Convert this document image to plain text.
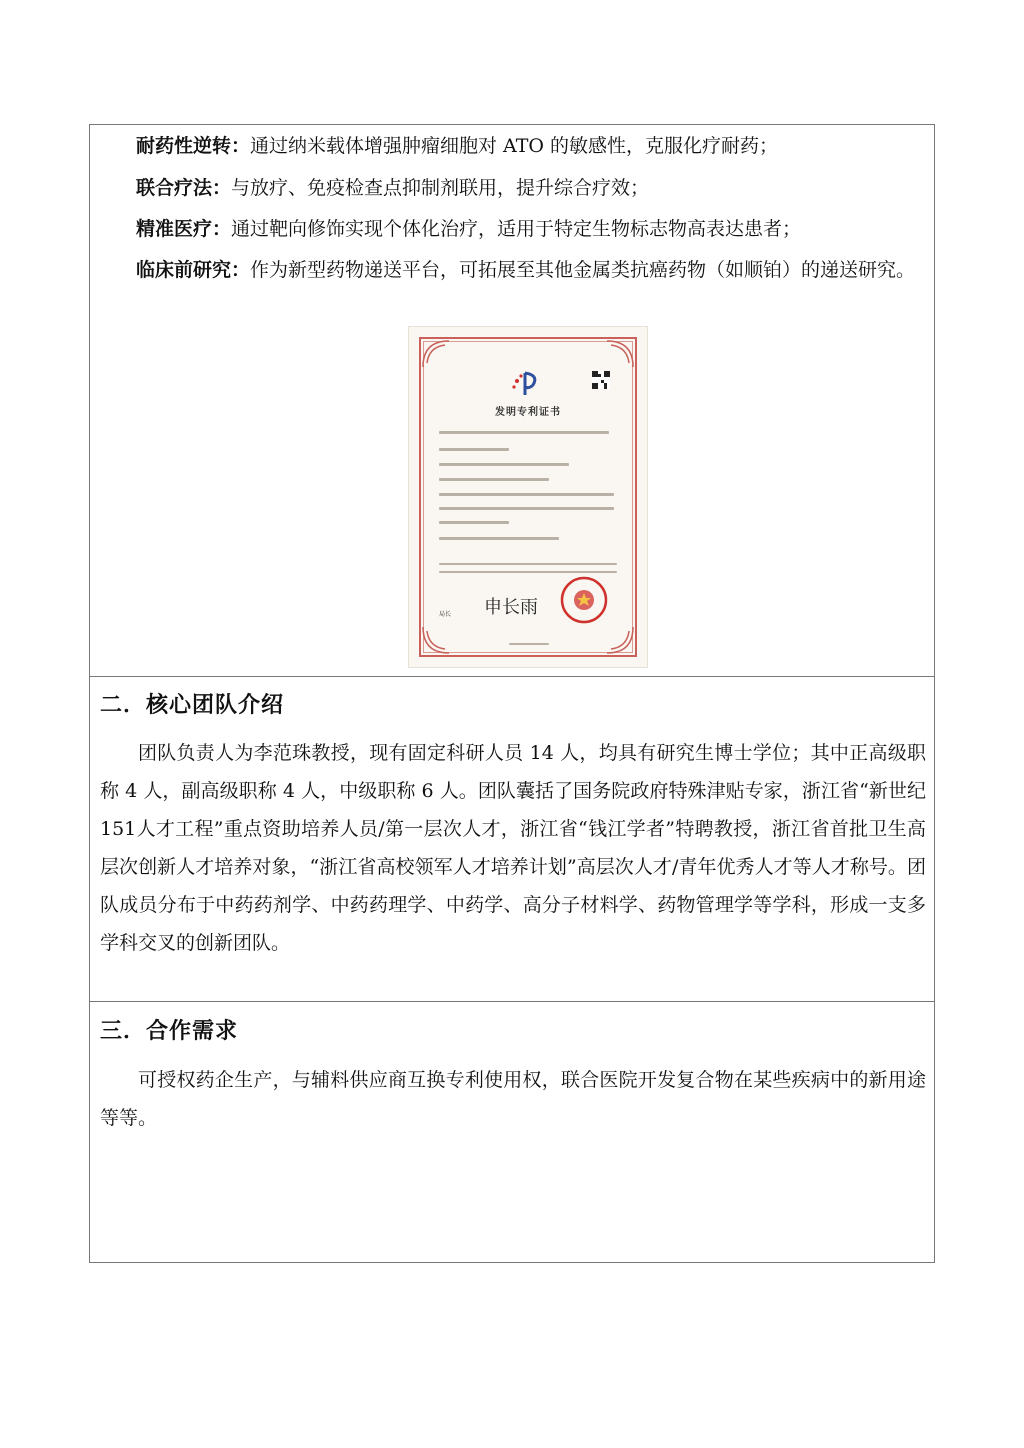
耐药性逆转：通过纳米载体增强肿瘤细胞对 ATO 的敏感性，克服化疗耐药；
联合疗法：与放疗、免疫检查点抑制剂联用，提升综合疗效；
精准医疗：通过靶向修饰实现个体化治疗，适用于特定生物标志物高表达患者；
临床前研究：作为新型药物递送平台，可拓展至其他金属类抗癌药物（如顺铂）的递送研究。
发明专利证书
局长 申长雨
二．核心团队介绍
团队负责人为李范珠教授，现有固定科研人员 14 人，均具有研究生博士学位；其中正高级职称 4 人，副高级职称 4 人，中级职称 6 人。团队囊括了国务院政府特殊津贴专家，浙江省“新世纪 151人才工程”重点资助培养人员/第一层次人才，浙江省“钱江学者”特聘教授，浙江省首批卫生高层次创新人才培养对象，“浙江省高校领军人才培养计划”高层次人才/青年优秀人才等人才称号。团队成员分布于中药药剂学、中药药理学、中药学、高分子材料学、药物管理学等学科，形成一支多学科交叉的创新团队。
三．合作需求
可授权药企生产，与辅料供应商互换专利使用权，联合医院开发复合物在某些疾病中的新用途等等。
